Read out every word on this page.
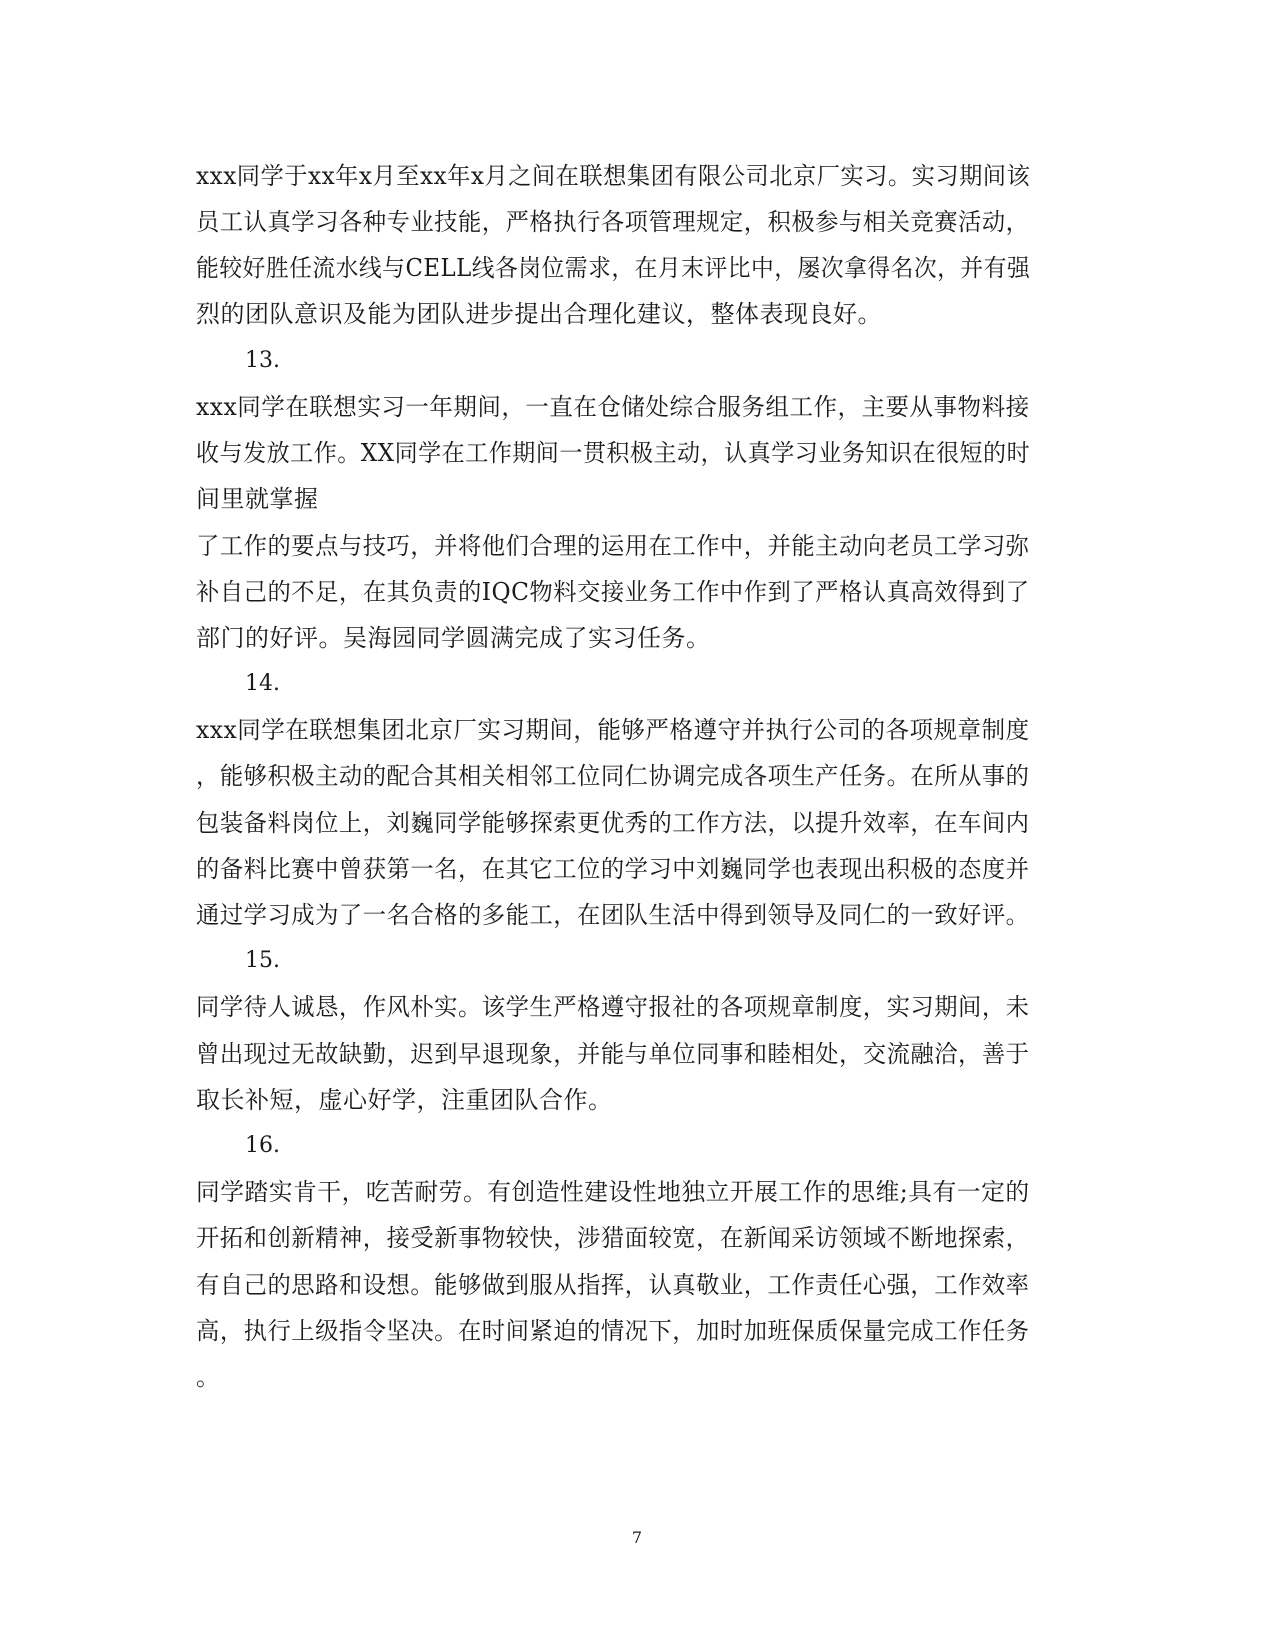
xxx同学于xx年x月至xx年x月之间在联想集团有限公司北京厂实习。实习期间该
员工认真学习各种专业技能，严格执行各项管理规定，积极参与相关竞赛活动，
能较好胜任流水线与CELL线各岗位需求，在月末评比中，屡次拿得名次，并有强
烈的团队意识及能为团队进步提出合理化建议，整体表现良好。
13.
xxx同学在联想实习一年期间，一直在仓储处综合服务组工作，主要从事物料接
收与发放工作。XX同学在工作期间一贯积极主动，认真学习业务知识在很短的时
间里就掌握
了工作的要点与技巧，并将他们合理的运用在工作中，并能主动向老员工学习弥
补自己的不足，在其负责的IQC物料交接业务工作中作到了严格认真高效得到了
部门的好评。吴海园同学圆满完成了实习任务。
14.
xxx同学在联想集团北京厂实习期间，能够严格遵守并执行公司的各项规章制度
，能够积极主动的配合其相关相邻工位同仁协调完成各项生产任务。在所从事的
包装备料岗位上，刘巍同学能够探索更优秀的工作方法，以提升效率，在车间内
的备料比赛中曾获第一名，在其它工位的学习中刘巍同学也表现出积极的态度并
通过学习成为了一名合格的多能工，在团队生活中得到领导及同仁的一致好评。
15.
同学待人诚恳，作风朴实。该学生严格遵守报社的各项规章制度，实习期间，未
曾出现过无故缺勤，迟到早退现象，并能与单位同事和睦相处，交流融洽，善于
取长补短，虚心好学，注重团队合作。
16.
同学踏实肯干，吃苦耐劳。有创造性建设性地独立开展工作的思维;具有一定的
开拓和创新精神，接受新事物较快，涉猎面较宽，在新闻采访领域不断地探索，
有自己的思路和设想。能够做到服从指挥，认真敬业，工作责任心强，工作效率
高，执行上级指令坚决。在时间紧迫的情况下，加时加班保质保量完成工作任务
。
7
